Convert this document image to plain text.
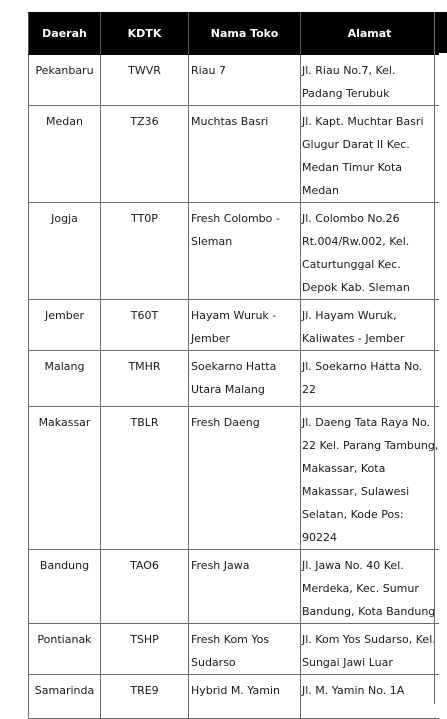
Daerah	KDTK	Nama Toko	Alamat
Pekanbaru	TWVR	Riau 7	Jl. Riau No.7, Kel. Padang Terubuk
Medan	TZ36	Muchtas Basri	Jl. Kapt. Muchtar Basri Glugur Darat II Kec. Medan Timur Kota Medan
Jogja	TT0P	Fresh Colombo - Sleman	Jl. Colombo No.26 Rt.004/Rw.002, Kel. Caturtunggal Kec. Depok Kab. Sleman
Jember	T60T	Hayam Wuruk - Jember	Jl. Hayam Wuruk, Kaliwates - Jember
Malang	TMHR	Soekarno Hatta Utara Malang	Jl. Soekarno Hatta No. 22
Makassar	TBLR	Fresh Daeng	Jl. Daeng Tata Raya No. 22 Kel. Parang Tambung, Makassar, Kota Makassar, Sulawesi Selatan, Kode Pos: 90224
Bandung	TAO6	Fresh Jawa	Jl. Jawa No. 40 Kel. Merdeka, Kec. Sumur Bandung, Kota Bandung
Pontianak	TSHP	Fresh Kom Yos Sudarso	Jl. Kom Yos Sudarso, Kel. Sungai Jawi Luar
Samarinda	TRE9	Hybrid M. Yamin	Jl. M. Yamin No. 1A
